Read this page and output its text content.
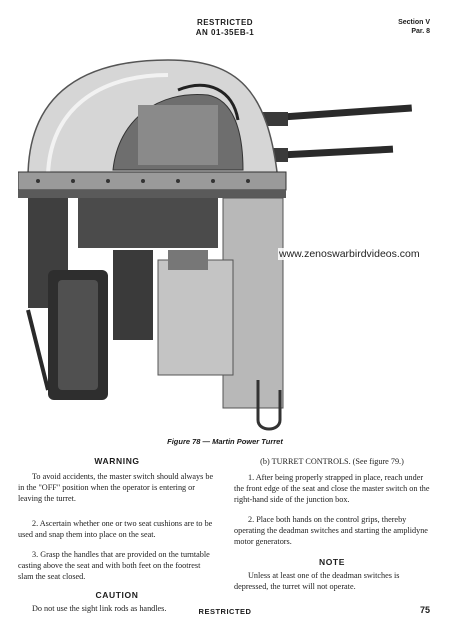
RESTRICTED
AN 01-35EB-1
Section V
Par. 8
www.zenoswarbirdvideos.com
Figure 78 — Martin Power Turret
WARNING

To avoid accidents, the master switch should always be in the "OFF" position when the operator is entering or leaving the turret.

2. Ascertain whether one or two seat cushions are to be used and snap them into place on the seat.

3. Grasp the handles that are provided on the turntable casting above the seat and with both feet on the footrest slam the seat closed.

CAUTION

Do not use the sight link rods as handles.

(b) TURRET CONTROLS. (See figure 79.)

1. After being properly strapped in place, reach under the front edge of the seat and close the master switch on the right-hand side of the junction box.

2. Place both hands on the control grips, thereby operating the deadman switches and starting the amplidyne motor generators.

NOTE

Unless at least one of the deadman switches is depressed, the turret will not operate.

RESTRICTED	75
